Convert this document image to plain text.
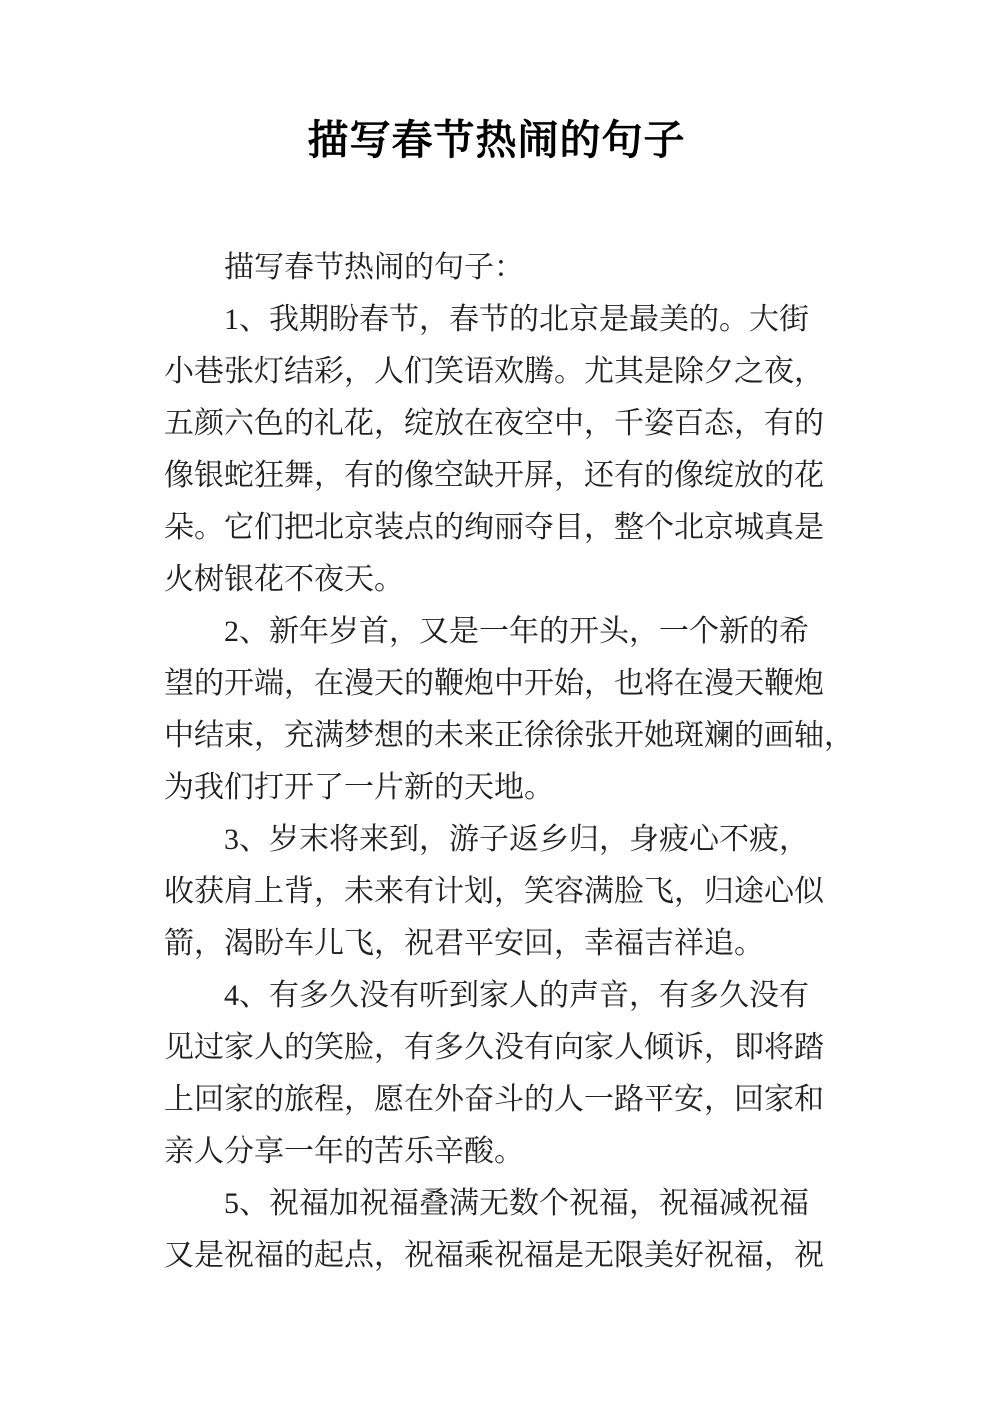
描写春节热闹的句子
描写春节热闹的句子：
1、我期盼春节，春节的北京是最美的。大街
小巷张灯结彩，人们笑语欢腾。尤其是除夕之夜，
五颜六色的礼花，绽放在夜空中，千姿百态，有的
像银蛇狂舞，有的像空缺开屏，还有的像绽放的花
朵。它们把北京装点的绚丽夺目，整个北京城真是
火树银花不夜天。
2、新年岁首，又是一年的开头，一个新的希
望的开端，在漫天的鞭炮中开始，也将在漫天鞭炮
中结束，充满梦想的未来正徐徐张开她斑斓的画轴，
为我们打开了一片新的天地。
3、岁末将来到，游子返乡归，身疲心不疲，
收获肩上背，未来有计划，笑容满脸飞，归途心似
箭，渴盼车儿飞，祝君平安回，幸福吉祥追。
4、有多久没有听到家人的声音，有多久没有
见过家人的笑脸，有多久没有向家人倾诉，即将踏
上回家的旅程，愿在外奋斗的人一路平安，回家和
亲人分享一年的苦乐辛酸。
5、祝福加祝福叠满无数个祝福，祝福减祝福
又是祝福的起点，祝福乘祝福是无限美好祝福，祝
